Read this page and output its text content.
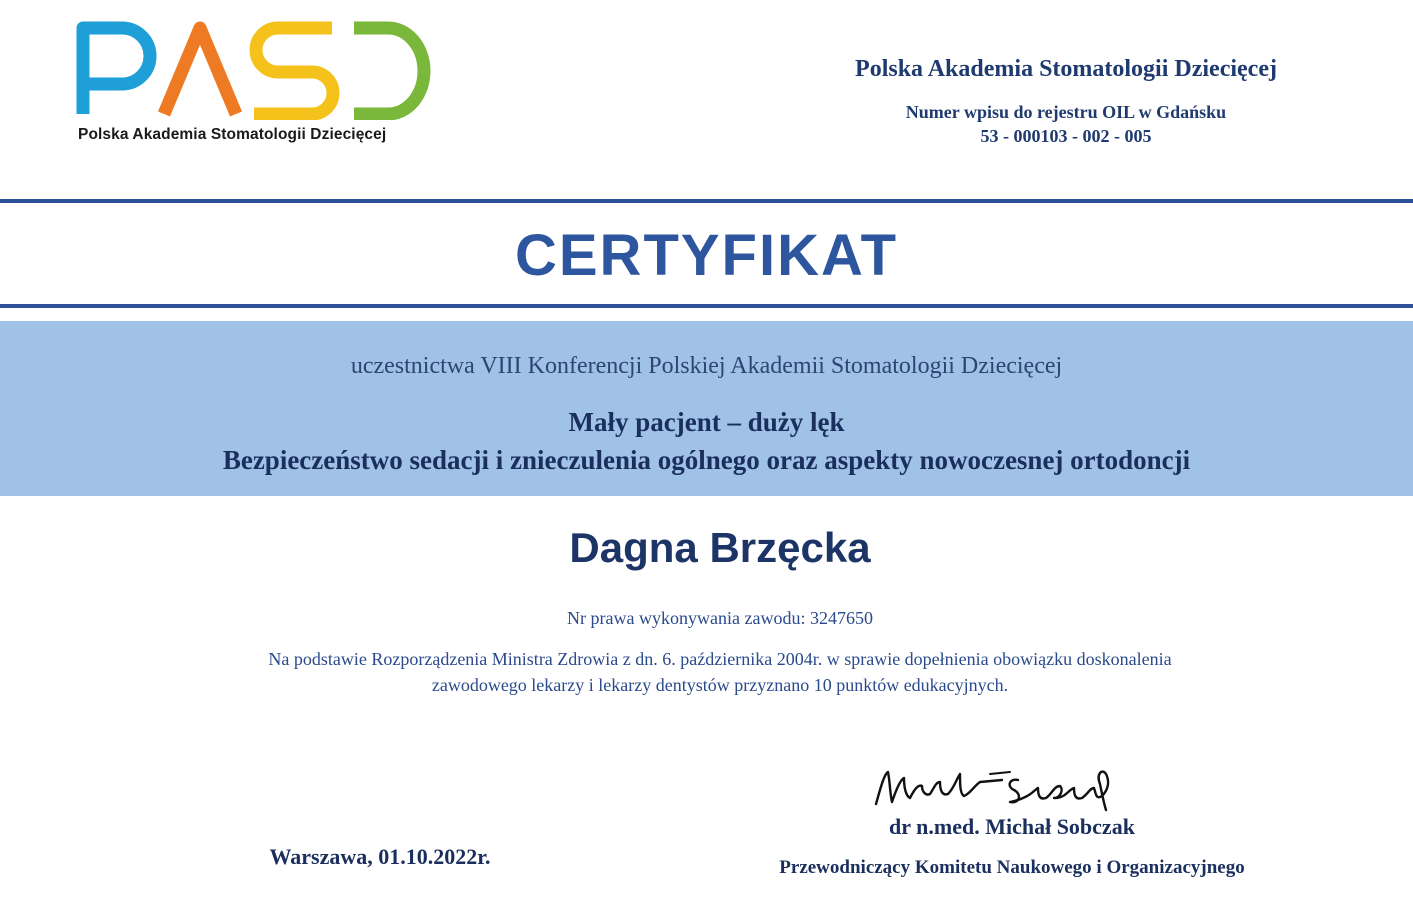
Polska Akademia Stomatologii Dziecięcej
Polska Akademia Stomatologii Dziecięcej
Numer wpisu do rejestru OIL w Gdańsku
53 - 000103 - 002 - 005
CERTYFIKAT
uczestnictwa VIII Konferencji Polskiej Akademii Stomatologii Dziecięcej
Mały pacjent – duży lęk
Bezpieczeństwo sedacji i znieczulenia ogólnego oraz aspekty nowoczesnej ortodoncji
Dagna Brzęcka
Nr prawa wykonywania zawodu: 3247650
Na podstawie Rozporządzenia Ministra Zdrowia z dn. 6. października 2004r. w sprawie dopełnienia obowiązku doskonalenia
zawodowego lekarzy i lekarzy dentystów przyznano 10 punktów edukacyjnych.
Warszawa, 01.10.2022r.
dr n.med. Michał Sobczak
Przewodniczący Komitetu Naukowego i Organizacyjnego
